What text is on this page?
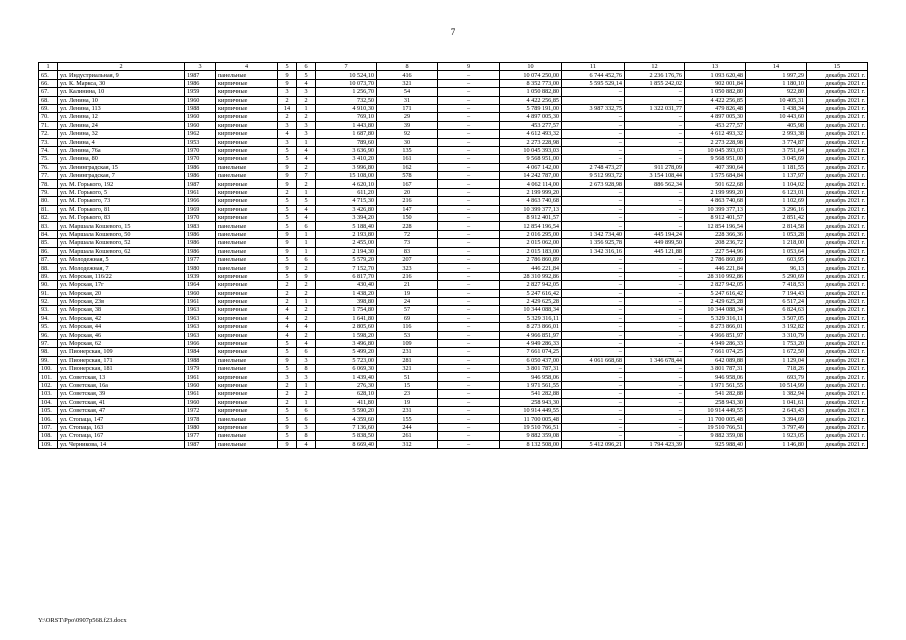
7
1	2	3	4	5	6	7	8	9	10	11	12	13	14	15
65.	ул. Индустриальная, 9	1987	панельные	9	5	10 524,10	416	–	10 074 250,00	6 744 452,76	2 236 176,76	1 093 620,48	1 997,29	декабрь 2021 г.
66.	ул. К. Маркса, 30	1986	кирпичные	9	4	10 073,70	321	–	8 352 773,00	5 595 529,14	1 855 242,02	902 001,84	1 180,10	декабрь 2021 г.
67.	ул. Калинина, 10	1959	кирпичные	3	3	1 256,70	54	–	1 050 882,80	–	–	1 050 882,80	922,80	декабрь 2021 г.
68.	ул. Ленина, 10	1960	кирпичные	2	2	732,50	31	–	4 422 256,85	–	–	4 422 256,85	10 405,31	декабрь 2021 г.
69.	ул. Ленина, 113	1988	кирпичные	14	1	4 910,30	171	–	5 789 191,00	3 987 332,75	1 322 031,77	479 826,48	1 438,34	декабрь 2021 г.
70.	ул. Ленина, 12	1960	кирпичные	2	2	769,10	29	–	4 897 005,30	–	–	4 897 005,30	10 443,60	декабрь 2021 г.
71.	ул. Ленина, 24	1960	кирпичные	3	3	1 443,80	39	–	453 277,57	–	–	453 277,57	405,98	декабрь 2021 г.
72.	ул. Ленина, 32	1962	кирпичные	4	3	1 687,80	92	–	4 612 493,32	–	–	4 612 493,32	2 993,38	декабрь 2021 г.
73.	ул. Ленина, 4	1953	кирпичные	3	1	789,60	30	–	2 273 228,98	–	–	2 273 228,98	3 774,87	декабрь 2021 г.
74.	ул. Ленина, 76а	1970	кирпичные	5	4	3 636,90	135	–	10 045 393,03	–	–	10 045 393,03	3 751,64	декабрь 2021 г.
75.	ул. Ленина, 80	1970	кирпичные	5	4	3 410,20	161	–	9 568 951,00	–	–	9 568 951,00	3 045,69	декабрь 2021 г.
76.	ул. Ленинградская, 15	1986	панельные	9	2	3 996,80	162	–	4 067 142,00	2 748 473,27	911 278,09	407 390,64	1 181,55	декабрь 2021 г.
77.	ул. Ленинградская, 7	1986	панельные	9	7	15 108,00	578	–	14 242 787,00	9 512 993,72	3 154 108,44	1 575 684,84	1 137,97	декабрь 2021 г.
78.	ул. М. Горького, 192	1987	кирпичные	9	2	4 620,10	167	–	4 062 114,00	2 673 928,98	886 562,34	501 622,68	1 104,02	декабрь 2021 г.
79.	ул. М. Горького, 5	1961	кирпичные	2	1	611,20	20	–	2 199 999,20	–	–	2 199 999,20	6 123,01	декабрь 2021 г.
80.	ул. М. Горького, 73	1966	кирпичные	5	5	4 715,30	216	–	4 863 740,68	–	–	4 863 740,68	1 102,69	декабрь 2021 г.
81.	ул. М. Горького, 81	1969	кирпичные	5	4	3 426,80	147	–	10 399 377,13	–	–	10 399 377,13	3 296,16	декабрь 2021 г.
82.	ул. М. Горького, 83	1970	кирпичные	5	4	3 394,20	150	–	8 912 401,57	–	–	8 912 401,57	2 851,42	декабрь 2021 г.
83.	ул. Маршала Кошевого, 15	1983	панельные	5	6	5 188,40	228	–	12 854 196,54	–	–	12 854 196,54	2 814,58	декабрь 2021 г.
84.	ул. Маршала Кошевого, 50	1986	панельные	9	1	2 193,80	72	–	2 016 295,00	1 342 734,40	445 194,24	228 366,36	1 053,28	декабрь 2021 г.
85.	ул. Маршала Кошевого, 52	1986	панельные	9	1	2 455,00	73	–	2 015 062,00	1 356 925,78	449 899,50	208 236,72	1 218,00	декабрь 2021 г.
86.	ул. Маршала Кошевого, 62	1986	панельные	9	1	2 194,30	83	–	2 015 183,00	1 342 316,16	445 121,88	227 544,96	1 053,64	декабрь 2021 г.
87.	ул. Молодежная, 5	1977	панельные	5	6	5 579,20	207	–	2 786 860,89	–	–	2 786 860,89	603,95	декабрь 2021 г.
88.	ул. Молодежная, 7	1980	панельные	9	2	7 152,70	323	–	446 221,84	–	–	446 221,84	96,13	декабрь 2021 г.
89.	ул. Морская, 116/22	1939	кирпичные	5	9	6 817,70	216	–	28 310 992,86	–	–	28 310 992,86	5 290,69	декабрь 2021 г.
90.	ул. Морская, 17г	1964	кирпичные	2	2	430,40	21	–	2 827 942,05	–	–	2 827 942,05	7 418,53	декабрь 2021 г.
91.	ул. Морская, 20	1960	кирпичные	2	2	1 438,20	19	–	5 247 616,42	–	–	5 247 616,42	7 194,43	декабрь 2021 г.
92.	ул. Морская, 23в	1961	кирпичные	2	1	398,80	24	–	2 429 625,28	–	–	2 429 625,28	6 517,24	декабрь 2021 г.
93.	ул. Морская, 38	1963	кирпичные	4	2	1 754,80	57	–	10 344 088,34	–	–	10 344 088,34	6 824,63	декабрь 2021 г.
94.	ул. Морская, 42	1963	кирпичные	4	2	1 641,80	69	–	5 329 316,11	–	–	5 329 316,11	3 507,05	декабрь 2021 г.
95.	ул. Морская, 44	1963	кирпичные	4	4	2 805,60	116	–	8 273 866,01	–	–	8 273 866,01	3 192,82	декабрь 2021 г.
96.	ул. Морская, 46	1963	кирпичные	4	2	1 598,20	53	–	4 966 851,97	–	–	4 966 851,97	3 310,79	декабрь 2021 г.
97.	ул. Морская, 62	1966	кирпичные	5	4	3 496,80	109	–	4 949 286,33	–	–	4 949 286,33	1 753,20	декабрь 2021 г.
98.	ул. Пионерская, 109	1984	кирпичные	5	6	5 499,20	231	–	7 661 074,25	–	–	7 661 074,25	1 672,50	декабрь 2021 г.
99.	ул. Пионерская, 171	1988	панельные	9	3	5 723,00	281	–	6 050 437,00	4 061 668,68	1 346 678,44	642 089,88	1 129,04	декабрь 2021 г.
100.	ул. Пионерская, 181	1979	панельные	5	8	6 069,30	321	–	3 801 787,31	–	–	3 801 787,31	718,26	декабрь 2021 г.
101.	ул. Советская, 13	1961	кирпичные	3	3	1 439,40	51	–	946 958,06	–	–	946 958,06	693,79	декабрь 2021 г.
102.	ул. Советская, 16а	1960	кирпичные	2	1	276,30	15	–	1 971 561,55	–	–	1 971 561,55	10 514,99	декабрь 2021 г.
103.	ул. Советская, 39	1961	кирпичные	2	2	628,10	23	–	541 282,88	–	–	541 282,88	1 382,94	декабрь 2021 г.
104.	ул. Советская, 41	1960	кирпичные	2	1	411,80	19	–	258 943,30	–	–	258 943,30	1 041,61	декабрь 2021 г.
105.	ул. Советская, 47	1972	кирпичные	5	6	5 590,20	231	–	10 914 449,55	–	–	10 914 449,55	2 643,43	декабрь 2021 г.
106.	ул. Стопаца, 147	1978	панельные	5	6	4 359,60	155	–	11 700 005,48	–	–	11 700 005,48	3 394,69	декабрь 2021 г.
107.	ул. Стопаца, 163	1980	кирпичные	9	3	7 136,60	244	–	19 510 766,51	–	–	19 510 766,51	3 797,49	декабрь 2021 г.
108.	ул. Стопаца, 167	1977	панельные	5	8	5 838,50	261	–	9 882 359,08	–	–	9 882 359,08	1 923,05	декабрь 2021 г.
109.	ул. Черникова, 14	1987	панельные	9	4	8 669,40	312	–	8 132 508,00	5 412 096,21	1 794 423,39	925 988,40	1 146,80	декабрь 2021 г.
Y:\ORST\Ppo\0907p568.f23.docx
